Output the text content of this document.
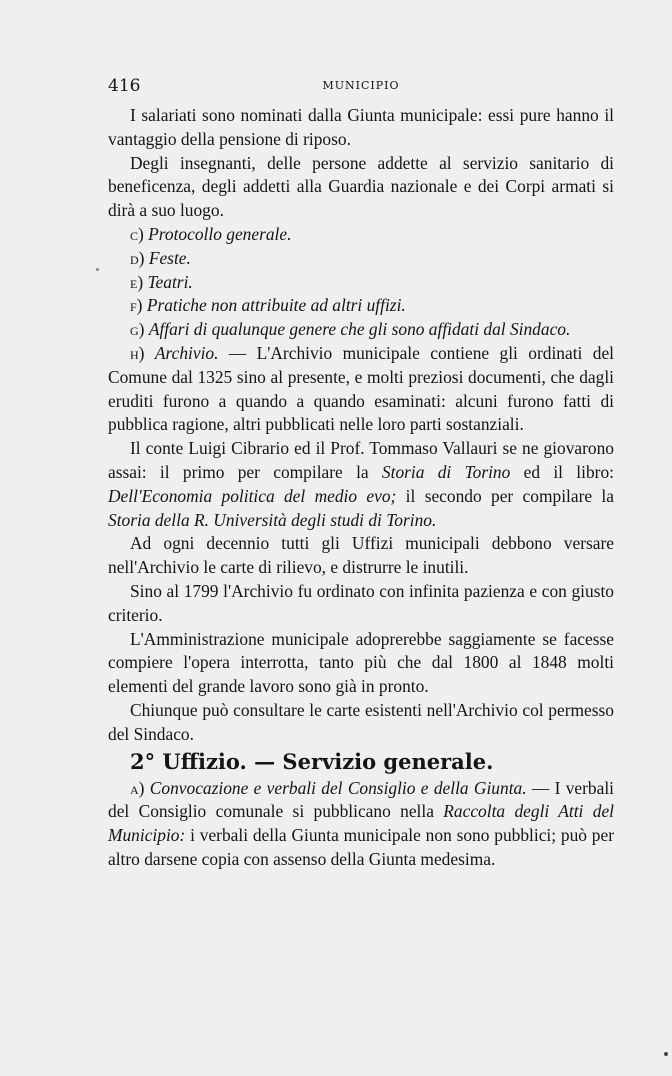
416	MUNICIPIO

I salariati sono nominati dalla Giunta municipale: essi pure hanno il vantaggio della pensione di riposo.

Degli insegnanti, delle persone addette al servizio sanitario di beneficenza, degli addetti alla Guardia nazionale e dei Corpi armati si dirà a suo luogo.

c) Protocollo generale.

d) Feste.

e) Teatri.

f) Pratiche non attribuite ad altri uffizi.

g) Affari di qualunque genere che gli sono affidati dal Sindaco.

h) Archivio. — L'Archivio municipale contiene gli ordinati del Comune dal 1325 sino al presente, e molti preziosi documenti, che dagli eruditi furono a quando a quando esaminati: alcuni furono fatti di pubblica ragione, altri pubblicati nelle loro parti sostanziali.

Il conte Luigi Cibrario ed il Prof. Tommaso Vallauri se ne giovarono assai: il primo per compilare la Storia di Torino ed il libro: Dell'Economia politica del medio evo; il secondo per compilare la Storia della R. Università degli studi di Torino.

Ad ogni decennio tutti gli Uffizi municipali debbono versare nell'Archivio le carte di rilievo, e distrurre le inutili.

Sino al 1799 l'Archivio fu ordinato con infinita pazienza e con giusto criterio.

L'Amministrazione municipale adoprerebbe saggiamente se facesse compiere l'opera interrotta, tanto più che dal 1800 al 1848 molti elementi del grande lavoro sono già in pronto.

Chiunque può consultare le carte esistenti nell'Archivio col permesso del Sindaco.

2° Uffizio. — Servizio generale.

a) Convocazione e verbali del Consiglio e della Giunta. — I verbali del Consiglio comunale si pubblicano nella Raccolta degli Atti del Municipio: i verbali della Giunta municipale non sono pubblici; può per altro darsene copia con assenso della Giunta medesima.
